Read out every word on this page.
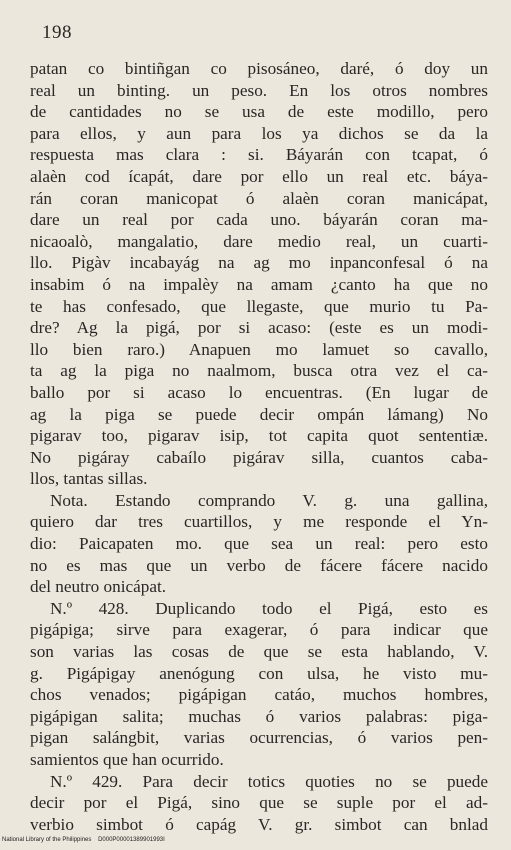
198
patan co bintiñgan co pisosáneo, daré, ó doy un
real un binting. un peso. En los otros nombres
de cantidades no se usa de este modillo, pero
para ellos, y aun para los ya dichos se da la
respuesta mas clara : si. Báyarán con tcapat, ó
alaèn cod ícapát, dare por ello un real etc. báya-
rán coran manicopat ó alaèn coran manicápat,
dare un real por cada uno. báyarán coran ma-
nicaoalò, mangalatio, dare medio real, un cuarti-
llo. Pigàv incabayág na ag mo inpanconfesal ó na
insabim ó na impalèy na amam ¿canto ha que no
te has confesado, que llegaste, que murio tu Pa-
dre? Ag la pigá, por si acaso: (este es un modi-
llo bien raro.) Anapuen mo lamuet so cavallo,
ta ag la piga no naalmom, busca otra vez el ca-
ballo por si acaso lo encuentras. (En lugar de
ag la piga se puede decir ompán lámang) No
pigarav too, pigarav isip, tot capita quot sententiæ.
No pigáray cabaílo pigárav silla, cuantos caba-
llos, tantas sillas.
Nota. Estando comprando V. g. una gallina,
quiero dar tres cuartillos, y me responde el Yn-
dio: Paicapaten mo. que sea un real: pero esto
no es mas que un verbo de fácere fácere nacido
del neutro onicápat.
N.º 428. Duplicando todo el Pigá, esto es
pigápiga; sirve para exagerar, ó para indicar que
son varias las cosas de que se esta hablando, V.
g. Pigápigay anenógung con ulsa, he visto mu-
chos venados; pigápigan catáo, muchos hombres,
pigápigan salita; muchas ó varios palabras: piga-
pigan salángbit, varias ocurrencias, ó varios pen-
samientos que han ocurrido.
N.º 429. Para decir totics quoties no se puede
decir por el Pigá, sino que se suple por el ad-
verbio simbot ó capág V. gr. simbot can bnlad
National Library of the Philippines D000P00001389901993I
